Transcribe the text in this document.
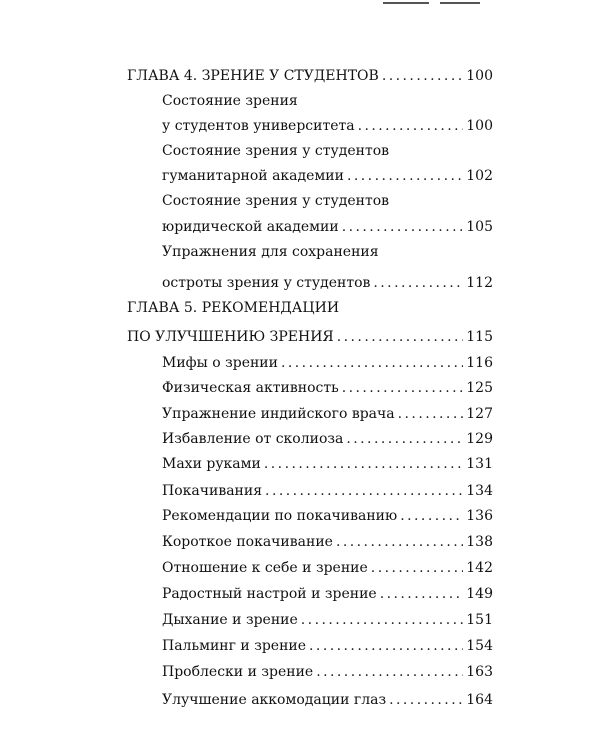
ГЛАВА 4. ЗРЕНИЕ У СТУДЕНТОВ . . .	100
Состояние зрения
у студентов университета . . .	100
Состояние зрения у студентов
гуманитарной академии . . .	102
Состояние зрения у студентов
юридической академии . . .	105
Упражнения для сохранения
остроты зрения у студентов . . .	112
ГЛАВА 5. РЕКОМЕНДАЦИИ
ПО УЛУЧШЕНИЮ ЗРЕНИЯ . . .	115
Мифы о зрении . . .	116
Физическая активность . . .	125
Упражнение индийского врача . . .	127
Избавление от сколиоза . . .	129
Махи руками . . .	131
Покачивания . . .	134
Рекомендации по покачиванию . . .	136
Короткое покачивание . . .	138
Отношение к себе и зрение . . .	142
Радостный настрой и зрение . . .	149
Дыхание и зрение . . .	151
Пальминг и зрение . . .	154
Проблески и зрение . . .	163
Улучшение аккомодации глаз . . .	164
